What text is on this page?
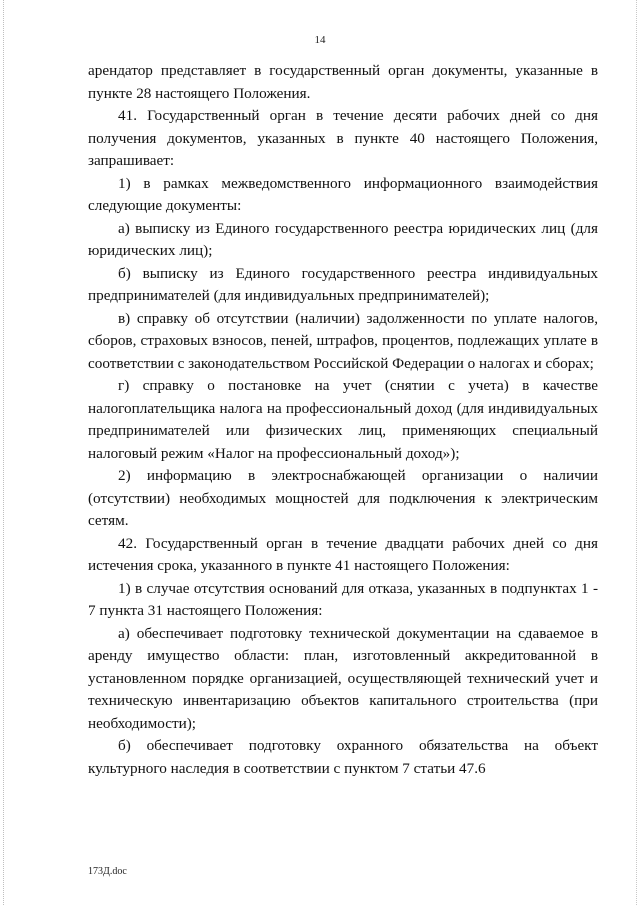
14

арендатор представляет в государственный орган документы, указанные в пункте 28 настоящего Положения.

41. Государственный орган в течение десяти рабочих дней со дня получения документов, указанных в пункте 40 настоящего Положения, запрашивает:

1) в рамках межведомственного информационного взаимодействия следующие документы:

а) выписку из Единого государственного реестра юридических лиц (для юридических лиц);

б) выписку из Единого государственного реестра индивидуальных предпринимателей (для индивидуальных предпринимателей);

в) справку об отсутствии (наличии) задолженности по уплате налогов, сборов, страховых взносов, пеней, штрафов, процентов, подлежащих уплате в соответствии с законодательством Российской Федерации о налогах и сборах;

г) справку о постановке на учет (снятии с учета) в качестве налогоплательщика налога на профессиональный доход (для индивидуальных предпринимателей или физических лиц, применяющих специальный налоговый режим «Налог на профессиональный доход»);

2) информацию в электроснабжающей организации о наличии (отсутствии) необходимых мощностей для подключения к электрическим сетям.

42. Государственный орган в течение двадцати рабочих дней со дня истечения срока, указанного в пункте 41 настоящего Положения:

1) в случае отсутствия оснований для отказа, указанных в подпунктах 1 - 7 пункта 31 настоящего Положения:

а) обеспечивает подготовку технической документации на сдаваемое в аренду имущество области: план, изготовленный аккредитованной в установленном порядке организацией, осуществляющей технический учет и техническую инвентаризацию объектов капитального строительства (при необходимости);

б) обеспечивает подготовку охранного обязательства на объект культурного наследия в соответствии с пунктом 7 статьи 47.6

173Д.doc
